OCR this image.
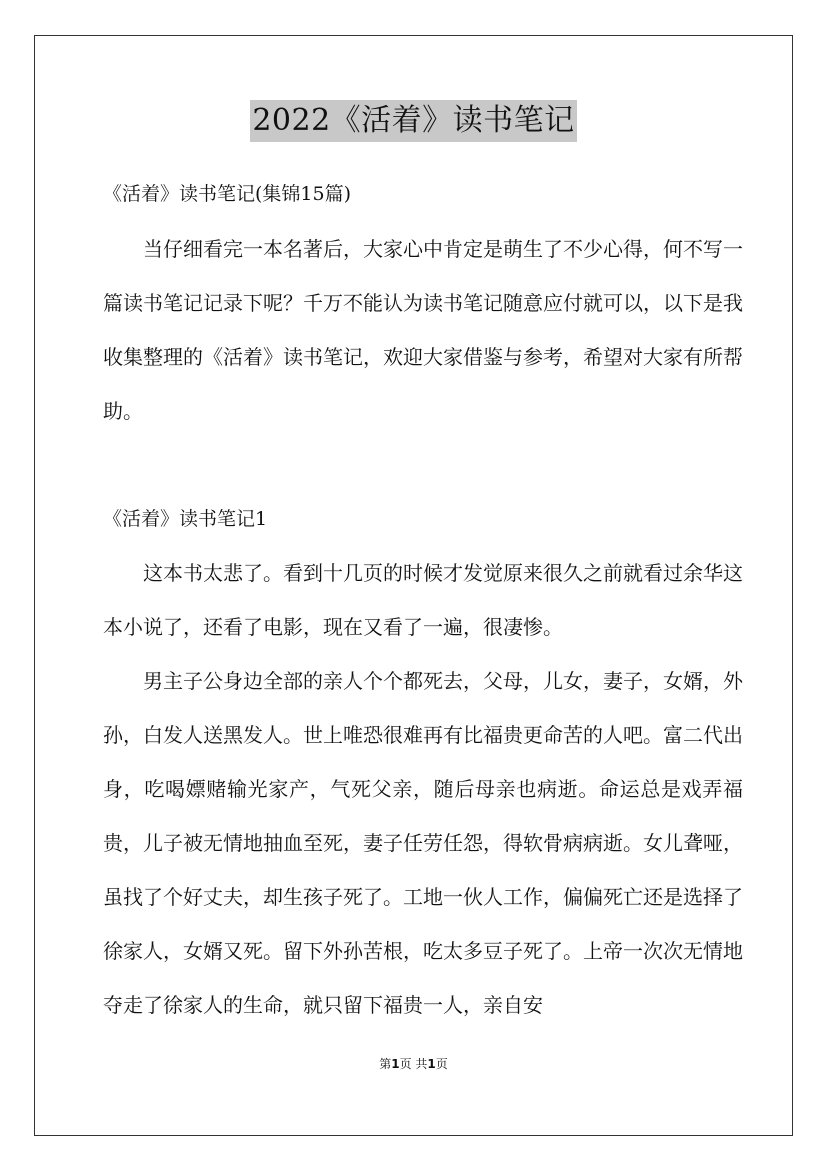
2022《活着》读书笔记
《活着》读书笔记(集锦15篇)

当仔细看完一本名著后，大家心中肯定是萌生了不少心得，何不写一篇读书笔记记录下呢？千万不能认为读书笔记随意应付就可以，以下是我收集整理的《活着》读书笔记，欢迎大家借鉴与参考，希望对大家有所帮助。

《活着》读书笔记1

这本书太悲了。看到十几页的时候才发觉原来很久之前就看过余华这本小说了，还看了电影，现在又看了一遍，很凄惨。

男主子公身边全部的亲人个个都死去，父母，儿女，妻子，女婿，外孙，白发人送黑发人。世上唯恐很难再有比福贵更命苦的人吧。富二代出身，吃喝嫖赌输光家产，气死父亲，随后母亲也病逝。命运总是戏弄福贵，儿子被无情地抽血至死，妻子任劳任怨，得软骨病病逝。女儿聋哑，虽找了个好丈夫，却生孩子死了。工地一伙人工作，偏偏死亡还是选择了徐家人，女婿又死。留下外孙苦根，吃太多豆子死了。上帝一次次无情地夺走了徐家人的生命，就只留下福贵一人，亲自安

第1页 共1页
